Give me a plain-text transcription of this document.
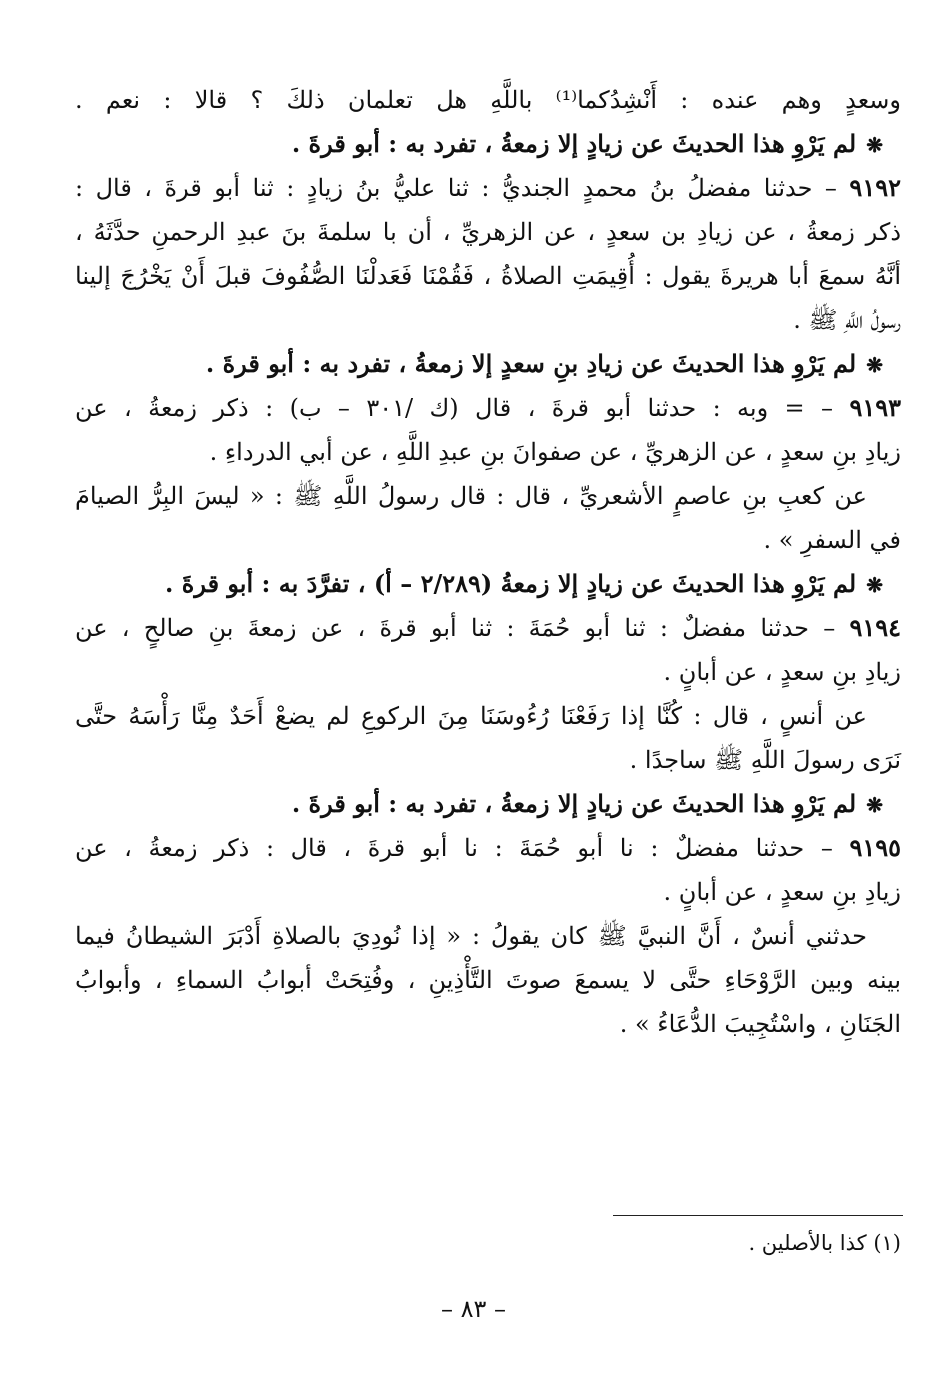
وسعدٍ وهم عنده : أَنْشِدُكما⁽¹⁾ باللَّهِ هل تعلمان ذلكَ ؟ قالا : نعم .
❋لم يَرْوِ هذا الحديثَ عن زيادٍ إلا زمعةُ ، تفرد به : أبو قرةَ .
٩١٩٢ – حدثنا مفضلُ بنُ محمدٍ الجنديُّ : ثنا عليُّ بنُ زيادٍ : ثنا أبو قرةَ ، قال :
ذكر زمعةُ ، عن زيادِ بن سعدٍ ، عن الزهريِّ ، أن با سلمةَ بنَ عبدِ الرحمنِ حدَّثَهُ ،
أنَّهُ سمعَ أبا هريرةَ يقول : أُقِيمَتِ الصلاةُ ، فَقُمْنَا فَعَدلْنَا الصُّفُوفَ قبلَ أَنْ يَخْرُجَ إلينا
رسولُ اللَّهِ ﷺ .
❋لم يَرْوِ هذا الحديثَ عن زيادِ بنِ سعدٍ إلا زمعةُ ، تفرد به : أبو قرةَ .
٩١٩٣ – = وبه : حدثنا أبو قرةَ ، قال (ك /٣٠١ – ب) : ذكر زمعةُ ، عن
زيادِ بنِ سعدٍ ، عن الزهريِّ ، عن صفوانَ بنِ عبدِ اللَّهِ ، عن أبي الدرداءِ .
عن كعبِ بنِ عاصمٍ الأشعريِّ ، قال : قال رسولُ اللَّهِ ﷺ : « ليسَ البِرُّ الصيامَ
في السفرِ » .
❋لم يَرْوِ هذا الحديثَ عن زيادٍ إلا زمعةُ (٢/٢٨٩ – أ) ، تفرَّدَ به : أبو قرةَ .
٩١٩٤ – حدثنا مفضلٌ : ثنا أبو حُمَةَ : ثنا أبو قرةَ ، عن زمعةَ بنِ صالحٍ ، عن
زيادِ بنِ سعدٍ ، عن أبانٍ .
عن أنسٍ ، قال : كُنَّا إذا رَفَعْنَا رُءُوسَنَا مِنَ الركوعِ لم يضعْ أَحَدٌ مِنَّا رَأْسَهُ حتَّى
نَرَى رسولَ اللَّهِ ﷺ ساجدًا .
❋لم يَرْوِ هذا الحديثَ عن زيادٍ إلا زمعةُ ، تفرد به : أبو قرةَ .
٩١٩٥ – حدثنا مفضلٌ : نا أبو حُمَةَ : نا أبو قرةَ ، قال : ذكر زمعةُ ، عن
زيادِ بنِ سعدٍ ، عن أبانٍ .
حدثني أنسٌ ، أَنَّ النبيَّ ﷺ كان يقولُ : « إذا نُودِيَ بالصلاةِ أَدْبَرَ الشيطانُ فيما
بينه وبين الرَّوْحَاءِ حتَّى لا يسمعَ صوتَ التَّأْذِينِ ، وفُتِحَتْ أبوابُ السماءِ ، وأبوابُ
الجَنَانِ ، واسْتُجِيبَ الدُّعَاءُ » .
(١) كذا بالأصلين .
– ٨٣ –
